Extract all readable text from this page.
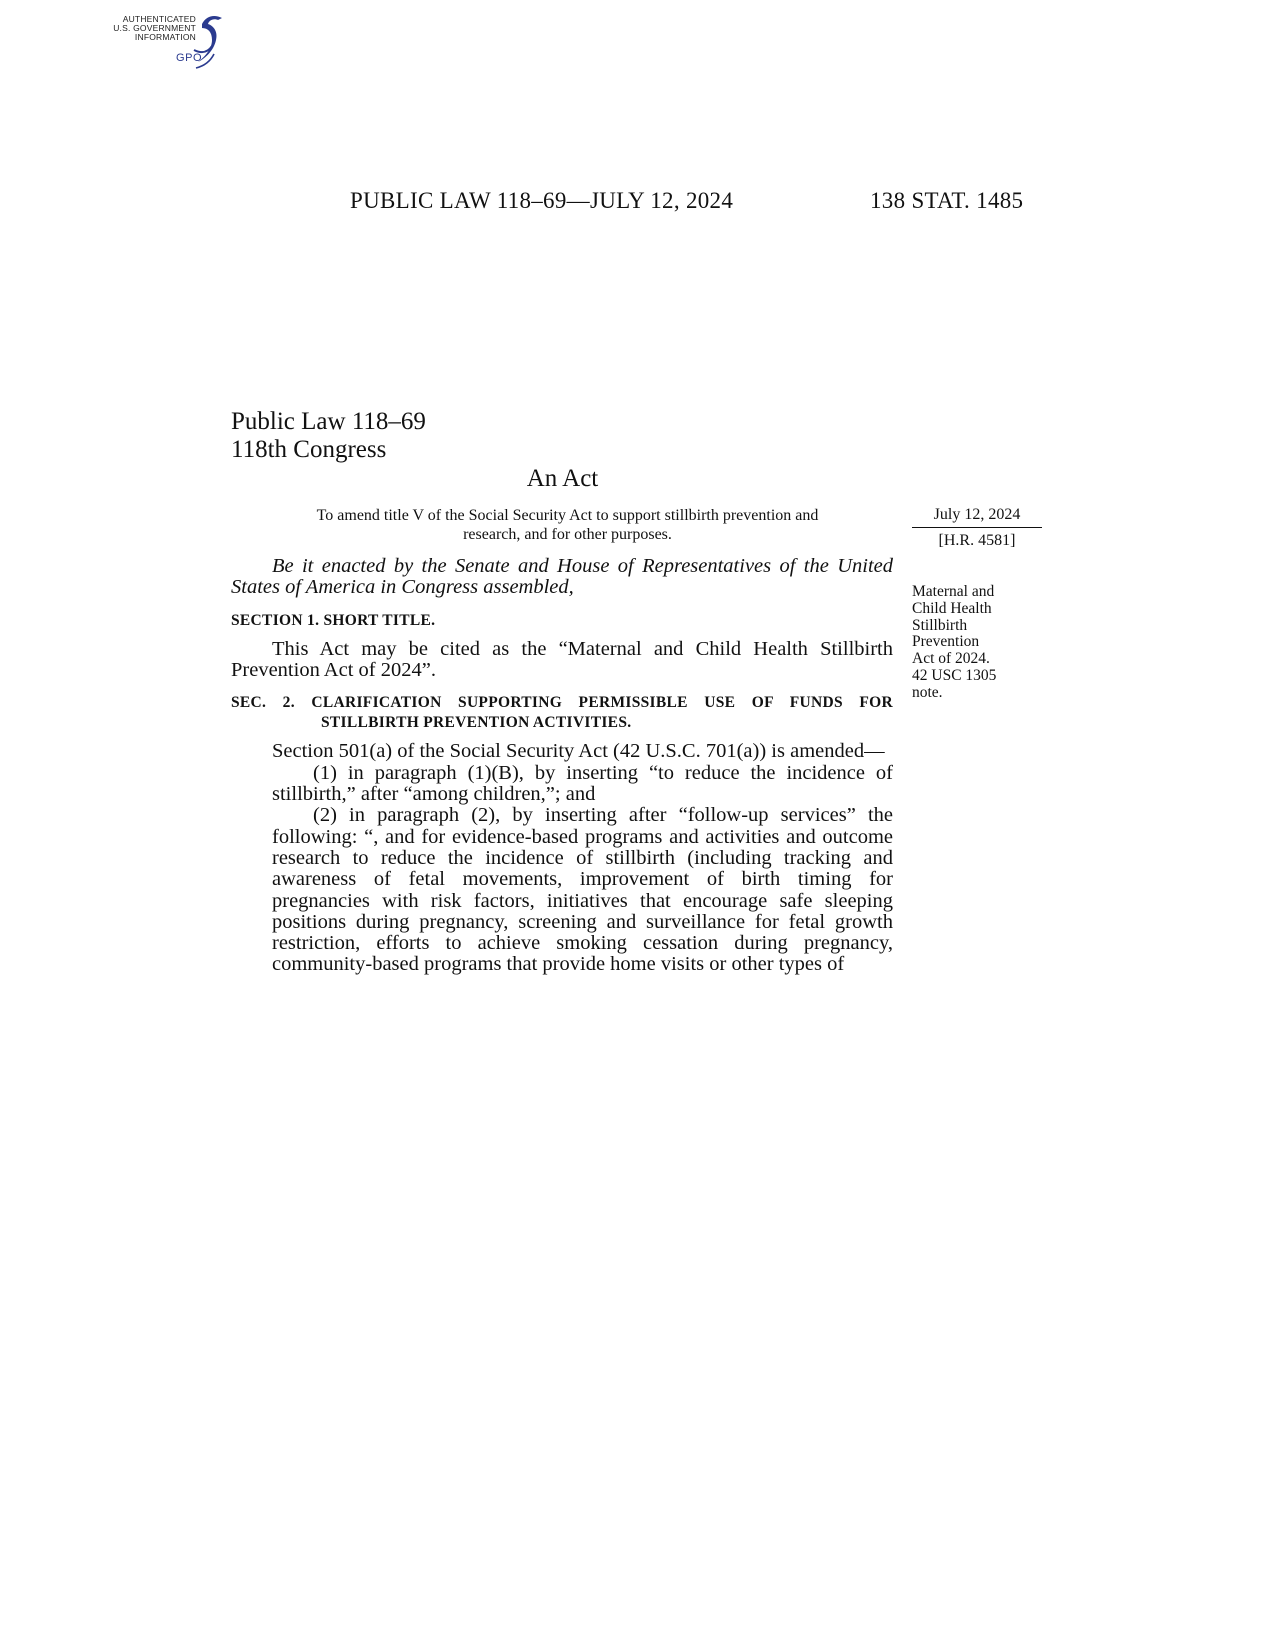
AUTHENTICATED
U.S. GOVERNMENT
INFORMATION
GPO
PUBLIC LAW 118–69—JULY 12, 2024	138 STAT. 1485
Public Law 118–69
118th Congress
An Act
To amend title V of the Social Security Act to support stillbirth prevention and
research, and for other purposes.
July 12, 2024
[H.R. 4581]

Be it enacted by the Senate and House of Representatives of the United States of America in Congress assembled,

SECTION 1. SHORT TITLE.

This Act may be cited as the “Maternal and Child Health Stillbirth Prevention Act of 2024”.

SEC. 2. CLARIFICATION SUPPORTING PERMISSIBLE USE OF FUNDS FOR STILLBIRTH PREVENTION ACTIVITIES.

Section 501(a) of the Social Security Act (42 U.S.C. 701(a)) is amended—

(1) in paragraph (1)(B), by inserting “to reduce the incidence of stillbirth,” after “among children,”; and

(2) in paragraph (2), by inserting after “follow-up services” the following: “, and for evidence-based programs and activities and outcome research to reduce the incidence of stillbirth (including tracking and awareness of fetal movements, improvement of birth timing for pregnancies with risk factors, initiatives that encourage safe sleeping positions during pregnancy, screening and surveillance for fetal growth restriction, efforts to achieve smoking cessation during pregnancy, community-based programs that provide home visits or other types of

Maternal and
Child Health
Stillbirth
Prevention
Act of 2024.
42 USC 1305
note.
